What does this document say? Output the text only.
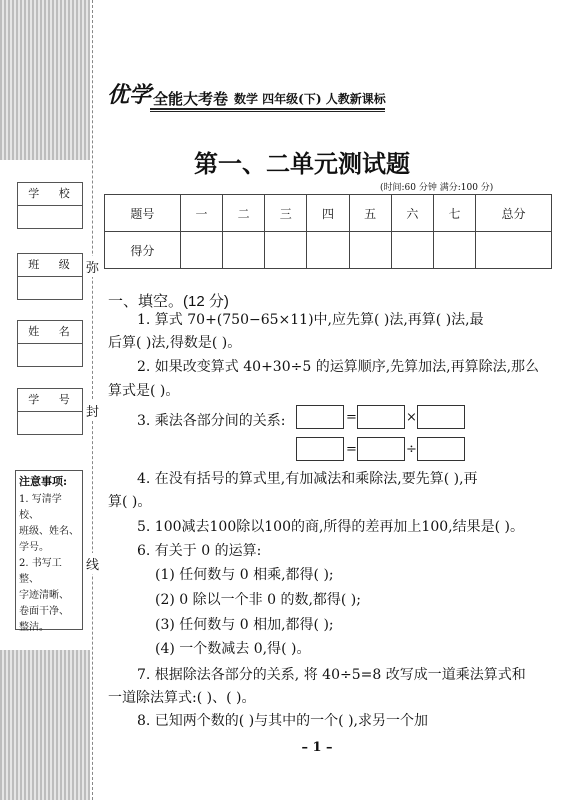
弥
封
线
学 校
班 级
姓 名
学 号
注意事项:
1. 写清学校、
班级、姓名、
学号。
2. 书写工整、
字迹清晰、
卷面干净、
整洁。
优学 全能大考卷 数学 四年级(下) 人教新课标
第一、二单元测试题
(时间:60 分钟 满分:100 分)
题号	一	二	三	四	五	六	七	总分
得分								
一、填空。(12 分)
1. 算式 70+(750−65×11)中,应先算( )法,再算( )法,最
后算( )法,得数是( )。
2. 如果改变算式 40+30÷5 的运算顺序,先算加法,再算除法,那么
算式是( )。
3. 乘法各部分间的关系:	=	×
=	÷
4. 在没有括号的算式里,有加减法和乘除法,要先算( ),再
算( )。
5. 100减去100除以100的商,所得的差再加上100,结果是( )。
6. 有关于 0 的运算:
(1) 任何数与 0 相乘,都得( );
(2) 0 除以一个非 0 的数,都得( );
(3) 任何数与 0 相加,都得( );
(4) 一个数减去 0,得( )。
7. 根据除法各部分的关系, 将 40÷5=8 改写成一道乘法算式和
一道除法算式:( )、( )。
8. 已知两个数的( )与其中的一个( ),求另一个加
– 1 –
